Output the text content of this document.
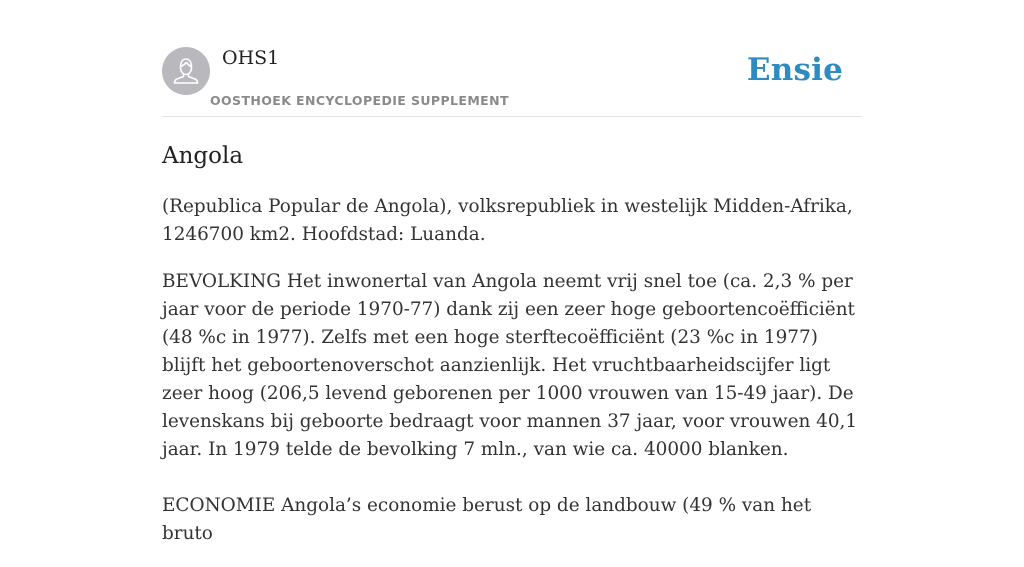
OHS1
OOSTHOEK ENCYCLOPEDIE SUPPLEMENT
Ensie
Angola

(Republica Popular de Angola), volksrepubliek in westelijk Midden-Afrika, 1246700 km2. Hoofdstad: Luanda.

BEVOLKING Het inwonertal van Angola neemt vrij snel toe (ca. 2,3 % per jaar voor de periode 1970-77) dank zij een zeer hoge geboortencoëfficiënt (48 %c in 1977). Zelfs met een hoge sterftecoëfficiënt (23 %c in 1977) blijft het geboortenoverschot aanzienlijk. Het vruchtbaarheidscijfer ligt zeer hoog (206,5 levend geborenen per 1000 vrouwen van 15-49 jaar). De levenskans bij geboorte bedraagt voor mannen 37 jaar, voor vrouwen 40,1 jaar. In 1979 telde de bevolking 7 mln., van wie ca. 40000 blanken.

ECONOMIE Angola’s economie berust op de landbouw (49 % van het bruto
